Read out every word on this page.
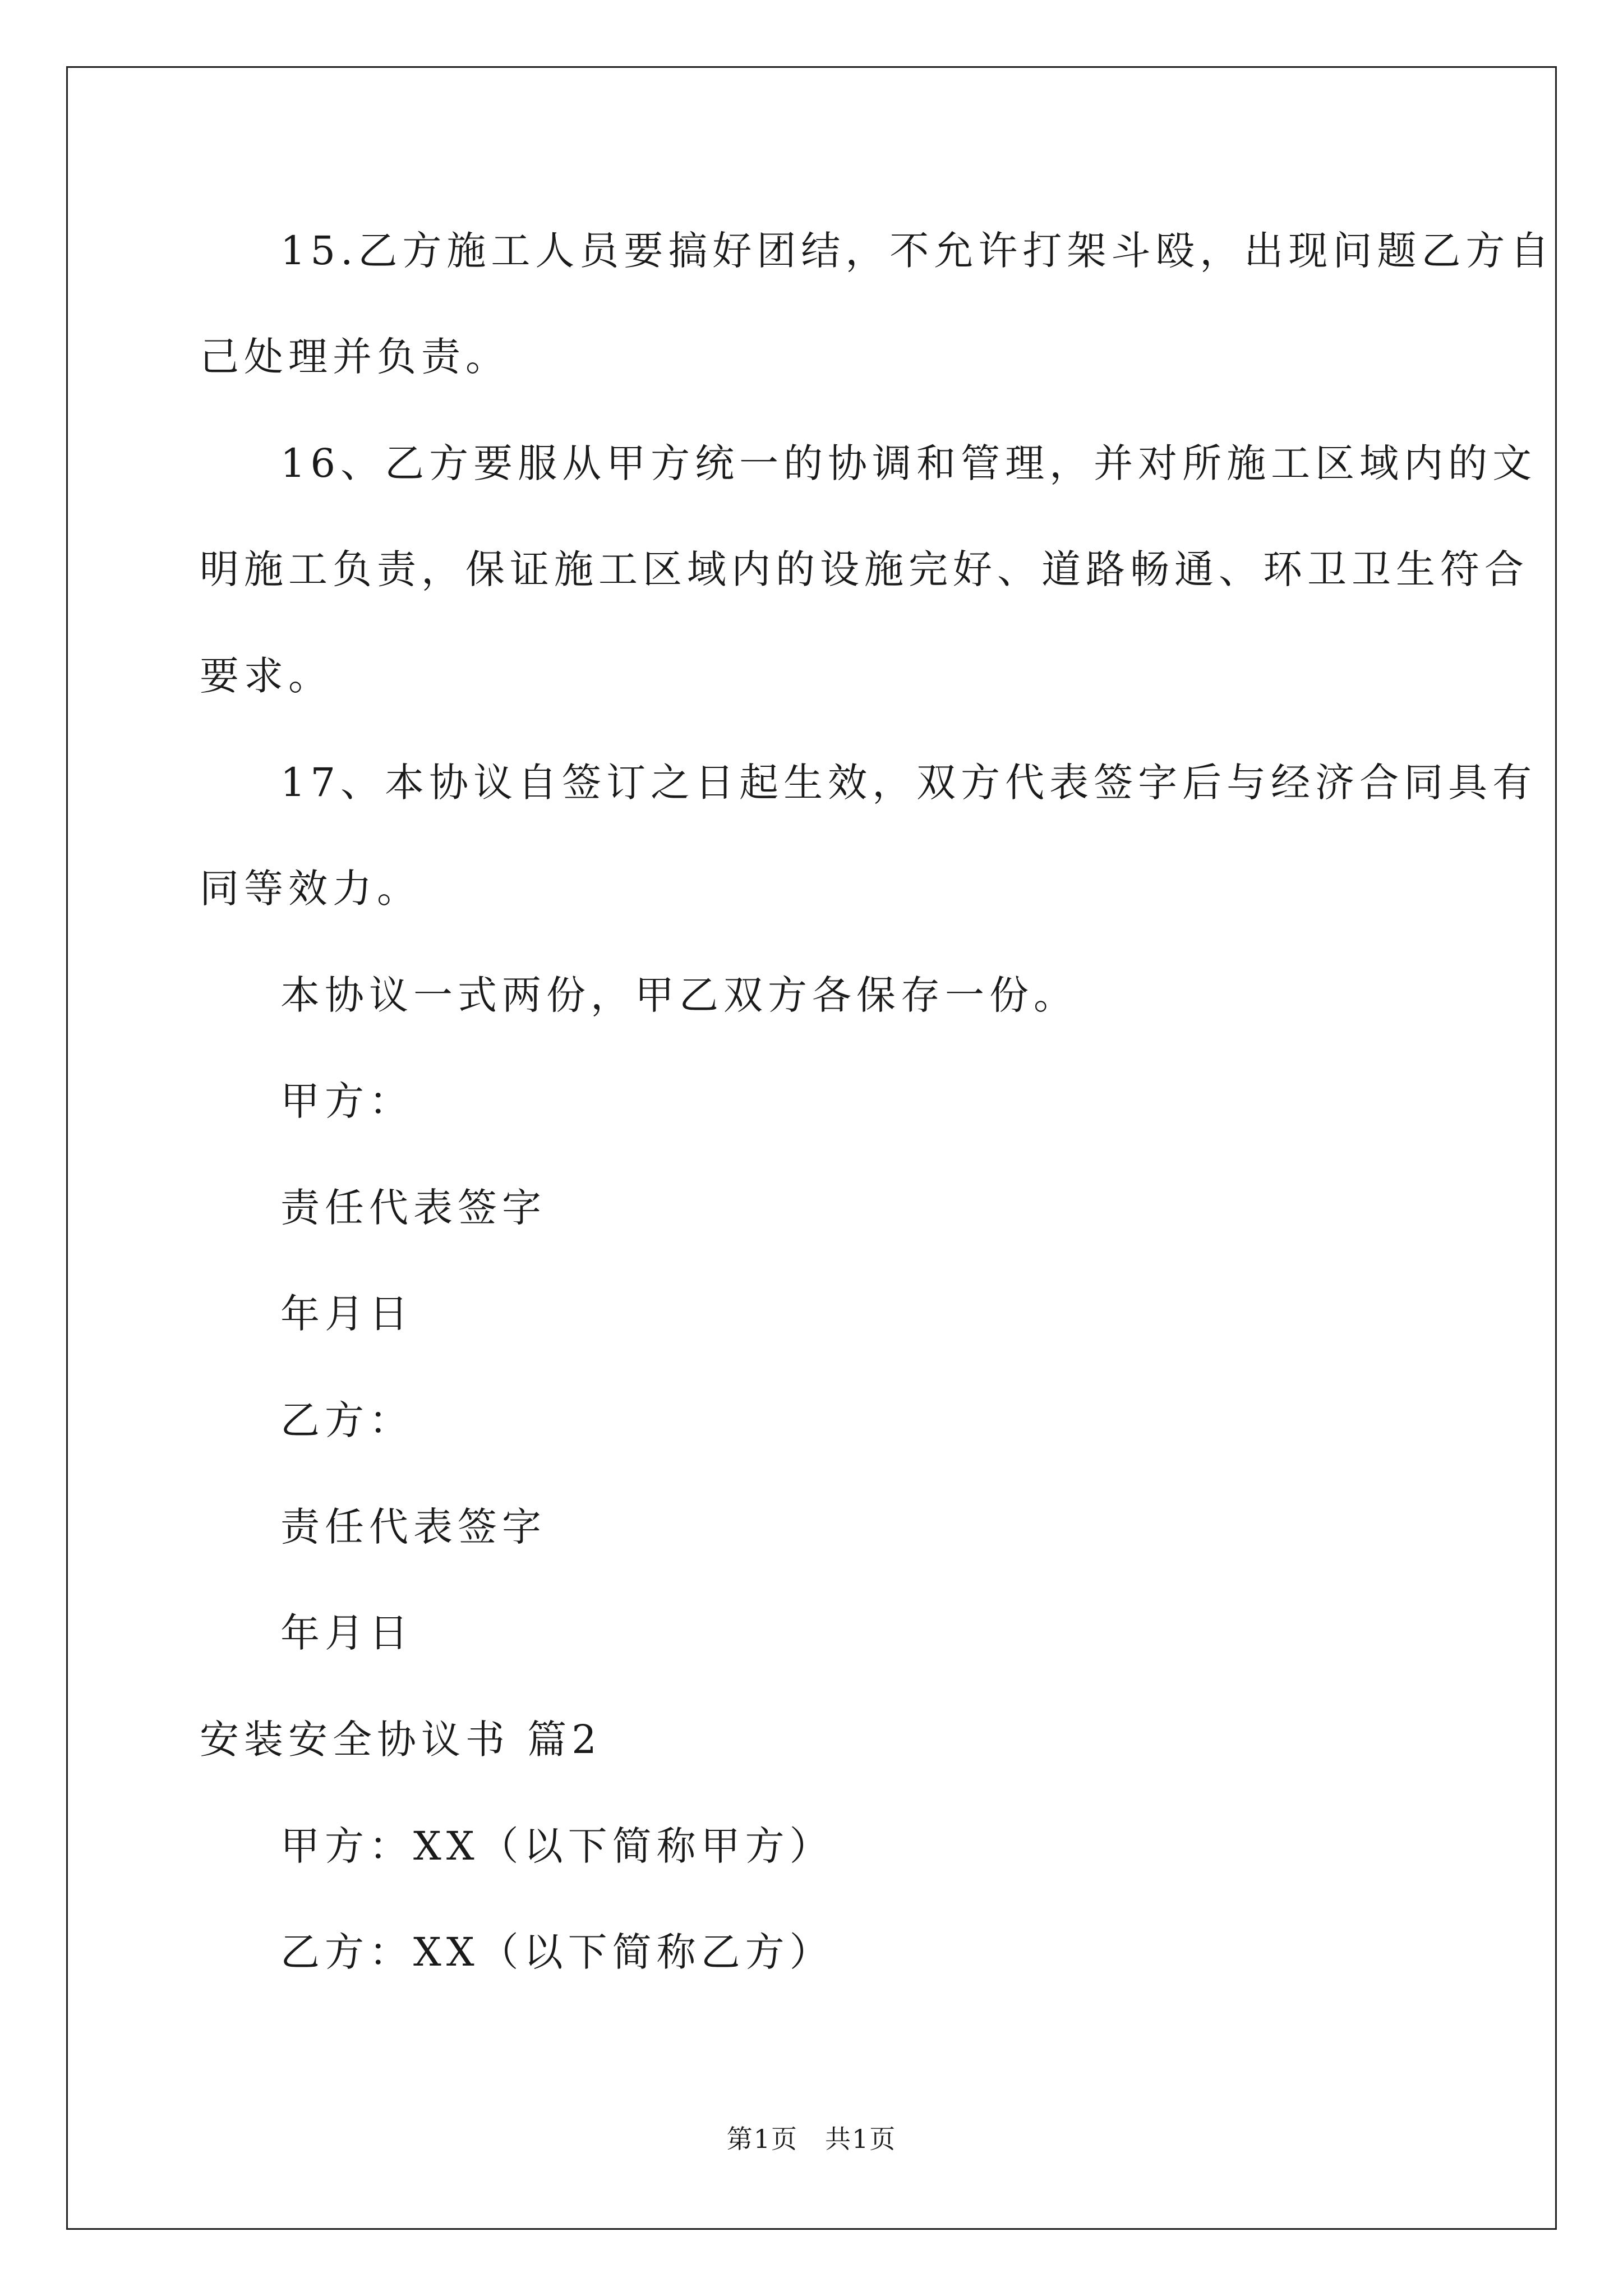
15.乙方施工人员要搞好团结，不允许打架斗殴，出现问题乙方自
己处理并负责。
16、乙方要服从甲方统一的协调和管理，并对所施工区域内的文
明施工负责，保证施工区域内的设施完好、道路畅通、环卫卫生符合
要求。
17、本协议自签订之日起生效，双方代表签字后与经济合同具有
同等效力。
本协议一式两份，甲乙双方各保存一份。
甲方：
责任代表签字
年月日
乙方：
责任代表签字
年月日
安装安全协议书 篇2
甲方：XX（以下简称甲方）
乙方：XX（以下简称乙方）
第1页　共1页
